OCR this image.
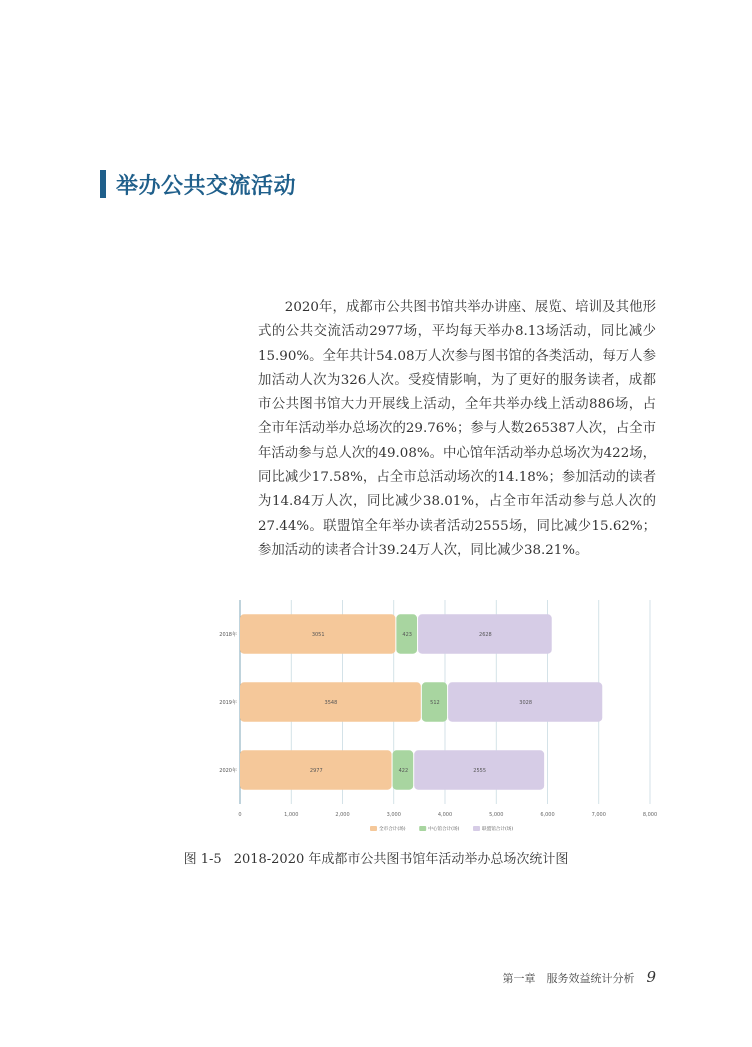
举办公共交流活动

2020年，成都市公共图书馆共举办讲座、展览、培训及其他形式的公共交流活动2977场，平均每天举办8.13场活动，同比减少15.90%。全年共计54.08万人次参与图书馆的各类活动，每万人参加活动人次为326人次。受疫情影响，为了更好的服务读者，成都市公共图书馆大力开展线上活动，全年共举办线上活动886场，占全市年活动举办总场次的29.76%；参与人数265387人次，占全市年活动参与总人次的49.08%。中心馆年活动举办总场次为422场，同比减少17.58%，占全市总活动场次的14.18%；参加活动的读者为14.84万人次，同比减少38.01%，占全市年活动参与总人次的27.44%。联盟馆全年举办读者活动2555场，同比减少15.62%；参加活动的读者合计39.24万人次，同比减少38.21%。

0	1,000	2,000	3,000	4,000	5,000	6,000	7,000	8,000
2018年	3051	423	2628
2019年	3548	512	3028
2020年	2977	422	2555
全市合计(场)	中心馆合计(场)	联盟馆合计(场)
图 1-5 2018-2020 年成都市公共图书馆年活动举办总场次统计图
第一章　服务效益统计分析 9
